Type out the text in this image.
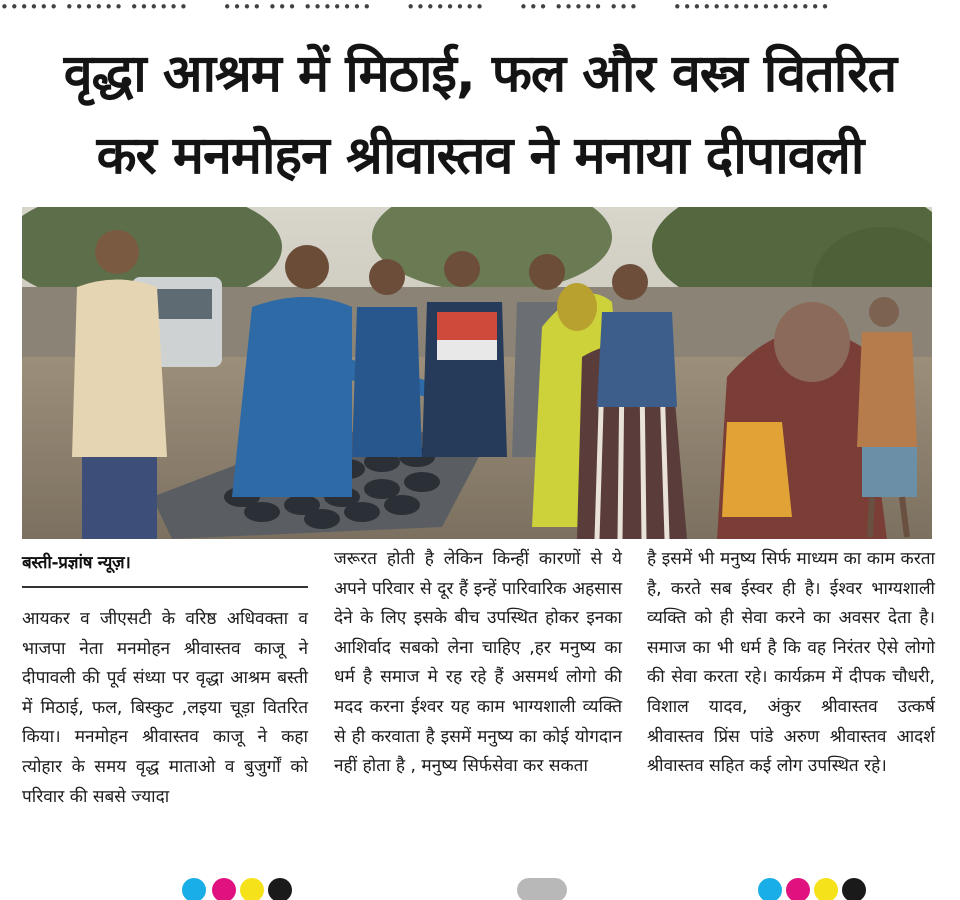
•••••• •••••• •••••• •••• ••• ••••••• •••••••• ••• ••••• ••• ••••••••••••••••
वृद्धा आश्रम में मिठाई, फल और वस्त्र वितरित
कर मनमोहन श्रीवास्तव ने मनाया दीपावली
बस्ती-प्रज्ञांष न्यूज़।

आयकर व जीएसटी के वरिष्ठ अधिवक्ता व भाजपा नेता मनमोहन श्रीवास्तव काजू ने दीपावली की पूर्व संध्या पर वृद्धा आश्रम बस्ती में मिठाई, फल, बिस्कुट ,लइया चूड़ा वितरित किया। मनमोहन श्रीवास्तव काजू ने कहा त्योहार के समय वृद्ध माताओ व बुजुर्गों को परिवार की सबसे ज्यादा

जरूरत होती है लेकिन किन्हीं कारणों से ये अपने परिवार से दूर हैं इन्हें पारिवारिक अहसास देने के लिए इसके बीच उपस्थित होकर इनका आशिर्वाद सबको लेना चाहिए ,हर मनुष्य का धर्म है समाज मे रह रहे हैं असमर्थ लोगो की मदद करना ईश्वर यह काम भाग्यशाली व्यक्ति से ही करवाता है इसमें मनुष्य का कोई योगदान नहीं होता है , मनुष्य सिर्फसेवा कर सकता

है इसमें भी मनुष्य सिर्फ माध्यम का काम करता है, करते सब ईस्वर ही है। ईश्वर भाग्यशाली व्यक्ति को ही सेवा करने का अवसर देता है। समाज का भी धर्म है कि वह निरंतर ऐसे लोगो की सेवा करता रहे। कार्यक्रम में दीपक चौधरी, विशाल यादव, अंकुर श्रीवास्तव उत्कर्ष श्रीवास्तव प्रिंस पांडे अरुण श्रीवास्तव आदर्श श्रीवास्तव सहित कई लोग उपस्थित रहे।
